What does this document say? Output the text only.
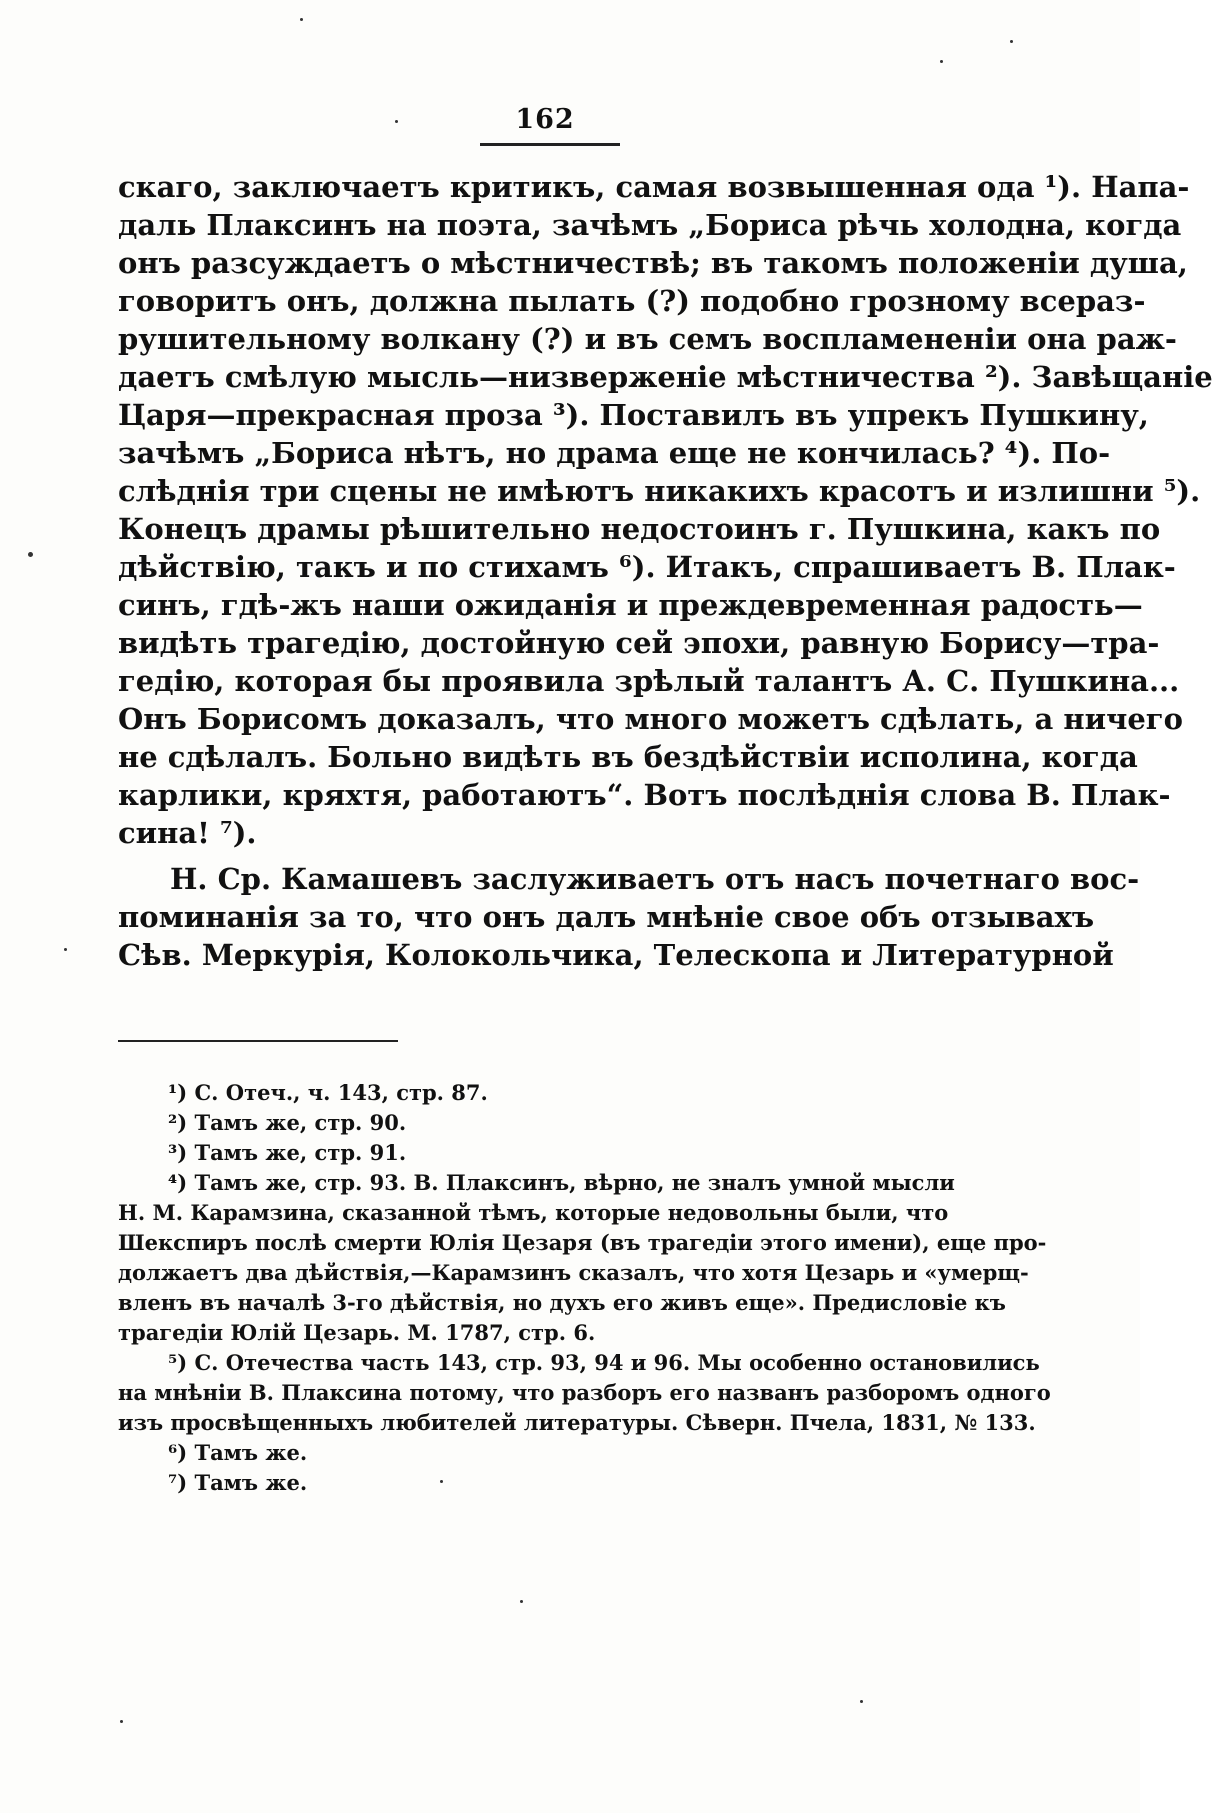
162

скаго, заключаетъ критикъ, самая возвышенная ода ¹). Напа-
даль Плаксинъ на поэта, зачѣмъ „Бориса рѣчь холодна, когда
онъ разсуждаетъ о мѣстничествѣ; въ такомъ положеніи душа,
говоритъ онъ, должна пылать (?) подобно грозному всераз-
рушительному волкану (?) и въ семъ воспламененіи она раж-
даетъ смѣлую мысль—низверженіе мѣстничества ²). Завѣщаніе
Царя—прекрасная проза ³). Поставилъ въ упрекъ Пушкину,
зачѣмъ „Бориса нѣтъ, но драма еще не кончилась? ⁴). По-
слѣднія три сцены не имѣютъ никакихъ красотъ и излишни ⁵).
Конецъ драмы рѣшительно недостоинъ г. Пушкина, какъ по
дѣйствію, такъ и по стихамъ ⁶). Итакъ, спрашиваетъ В. Плак-
синъ, гдѣ-жъ наши ожиданія и преждевременная радость—
видѣть трагедію, достойную сей эпохи, равную Борису—тра-
гедію, которая бы проявила зрѣлый талантъ А. С. Пушкина...
Онъ Борисомъ доказалъ, что много можетъ сдѣлать, а ничего
не сдѣлалъ. Больно видѣть въ бездѣйствіи исполина, когда
карлики, кряхтя, работаютъ“. Вотъ послѣднія слова В. Плак-
сина! ⁷).

Н. Ср. Камашевъ заслуживаетъ отъ насъ почетнаго вос-
поминанія за то, что онъ далъ мнѣніе свое объ отзывахъ
Сѣв. Меркурія, Колокольчика, Телескопа и Литературной

¹) С. Отеч., ч. 143, стр. 87.
²) Тамъ же, стр. 90.
³) Тамъ же, стр. 91.
⁴) Тамъ же, стр. 93. В. Плаксинъ, вѣрно, не зналъ умной мысли
Н. М. Карамзина, сказанной тѣмъ, которые недовольны были, что
Шекспиръ послѣ смерти Юлія Цезаря (въ трагедіи этого имени), еще про-
должаетъ два дѣйствія,—Карамзинъ сказалъ, что хотя Цезарь и «умерщ-
вленъ въ началѣ 3-го дѣйствія, но духъ его живъ еще». Предисловіе къ
трагедіи Юлій Цезарь. М. 1787, стр. 6.
⁵) С. Отечества часть 143, стр. 93, 94 и 96. Мы особенно остановились
на мнѣніи В. Плаксина потому, что разборъ его названъ разборомъ одного
изъ просвѣщенныхъ любителей литературы. Сѣверн. Пчела, 1831, № 133.
⁶) Тамъ же.
⁷) Тамъ же.
